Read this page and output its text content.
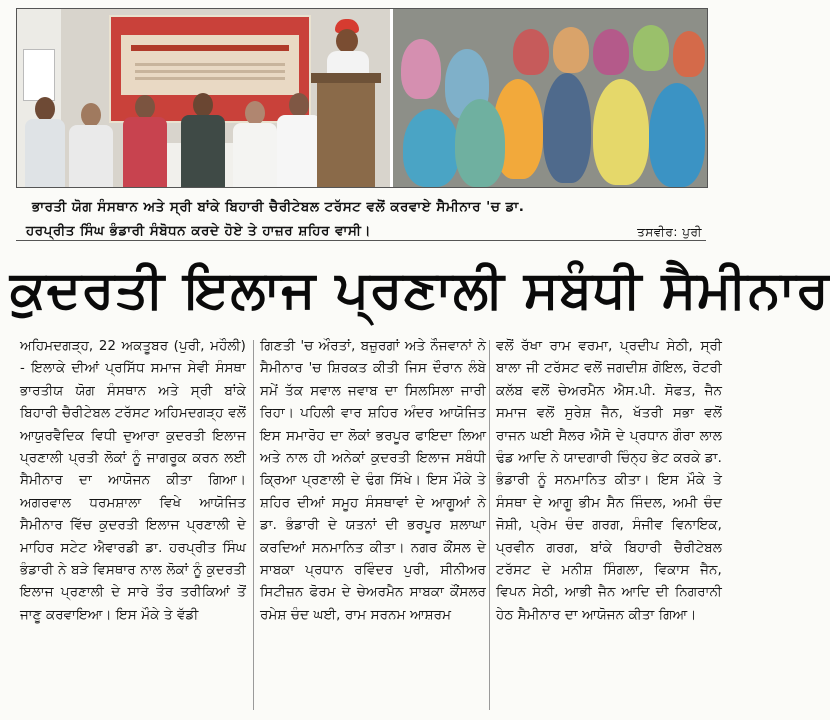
ਭਾਰਤੀ ਯੋਗ ਸੰਸਥਾਨ ਅਤੇ ਸ੍ਰੀ ਬਾਂਕੇ ਬਿਹਾਰੀ ਚੈਰੀਟੇਬਲ ਟਰੱਸਟ ਵਲੋਂ ਕਰਵਾਏ ਸੈਮੀਨਾਰ 'ਚ ਡਾ.
ਹਰਪ੍ਰੀਤ ਸਿੰਘ ਭੰਡਾਰੀ ਸੰਬੋਧਨ ਕਰਦੇ ਹੋਏ ਤੇ ਹਾਜ਼ਰ ਸ਼ਹਿਰ ਵਾਸੀ।	ਤਸਵੀਰ: ਪੁਰੀ
ਕੁਦਰਤੀ ਇਲਾਜ ਪ੍ਰਣਾਲੀ ਸਬੰਧੀ ਸੈਮੀਨਾਰ
ਅਹਿਮਦਗੜ੍ਹ, 22 ਅਕਤੂਬਰ (ਪੁਰੀ, ਮਹੌਲੀ) - ਇਲਾਕੇ ਦੀਆਂ ਪ੍ਰਸਿੱਧ ਸਮਾਜ ਸੇਵੀ ਸੰਸਥਾ ਭਾਰਤੀਯ ਯੋਗ ਸੰਸਥਾਨ ਅਤੇ ਸ੍ਰੀ ਬਾਂਕੇ ਬਿਹਾਰੀ ਚੈਰੀਟੇਬਲ ਟਰੱਸਟ ਅਹਿਮਦਗੜ੍ਹ ਵਲੋਂ ਆਯੁਰਵੈਦਿਕ ਵਿਧੀ ਦੁਆਰਾ ਕੁਦਰਤੀ ਇਲਾਜ ਪ੍ਰਣਾਲੀ ਪ੍ਰਤੀ ਲੋਕਾਂ ਨੂੰ ਜਾਗਰੂਕ ਕਰਨ ਲਈ ਸੈਮੀਨਾਰ ਦਾ ਆਯੋਜਨ ਕੀਤਾ ਗਿਆ। ਅਗਰਵਾਲ ਧਰਮਸ਼ਾਲਾ ਵਿਖੇ ਆਯੋਜਿਤ ਸੈਮੀਨਾਰ ਵਿੱਚ ਕੁਦਰਤੀ ਇਲਾਜ ਪ੍ਰਣਾਲੀ ਦੇ ਮਾਹਿਰ ਸਟੇਟ ਐਵਾਰਡੀ ਡਾ. ਹਰਪ੍ਰੀਤ ਸਿੰਘ ਭੰਡਾਰੀ ਨੇ ਬੜੇ ਵਿਸਥਾਰ ਨਾਲ ਲੋਕਾਂ ਨੂੰ ਕੁਦਰਤੀ ਇਲਾਜ ਪ੍ਰਣਾਲੀ ਦੇ ਸਾਰੇ ਤੌਰ ਤਰੀਕਿਆਂ ਤੋਂ ਜਾਣੂ ਕਰਵਾਇਆ। ਇਸ ਮੌਕੇ ਤੇ ਵੱਡੀ
ਗਿਣਤੀ 'ਚ ਔਰਤਾਂ, ਬਜ਼ੁਰਗਾਂ ਅਤੇ ਨੌਜਵਾਨਾਂ ਨੇ ਸੈਮੀਨਾਰ 'ਚ ਸ਼ਿਰਕਤ ਕੀਤੀ ਜਿਸ ਦੌਰਾਨ ਲੰਬੇ ਸਮੇਂ ਤੱਕ ਸਵਾਲ ਜਵਾਬ ਦਾ ਸਿਲਸਿਲਾ ਜਾਰੀ ਰਿਹਾ। ਪਹਿਲੀ ਵਾਰ ਸ਼ਹਿਰ ਅੰਦਰ ਆਯੋਜਿਤ ਇਸ ਸਮਾਰੋਹ ਦਾ ਲੋਕਾਂ ਭਰਪੂਰ ਫਾਇਦਾ ਲਿਆ ਅਤੇ ਨਾਲ ਹੀ ਅਨੇਕਾਂ ਕੁਦਰਤੀ ਇਲਾਜ ਸਬੰਧੀ ਕ੍ਰਿਆ ਪ੍ਰਣਾਲੀ ਦੇ ਢੰਗ ਸਿੱਖੇ। ਇਸ ਮੌਕੇ ਤੇ ਸ਼ਹਿਰ ਦੀਆਂ ਸਮੂਹ ਸੰਸਥਾਵਾਂ ਦੇ ਆਗੂਆਂ ਨੇ ਡਾ. ਭੰਡਾਰੀ ਦੇ ਯਤਨਾਂ ਦੀ ਭਰਪੂਰ ਸ਼ਲਾਘਾ ਕਰਦਿਆਂ ਸਨਮਾਨਿਤ ਕੀਤਾ। ਨਗਰ ਕੌਂਸਲ ਦੇ ਸਾਬਕਾ ਪ੍ਰਧਾਨ ਰਵਿੰਦਰ ਪੁਰੀ, ਸੀਨੀਅਰ ਸਿਟੀਜ਼ਨ ਫੋਰਮ ਦੇ ਚੇਅਰਮੈਨ ਸਾਬਕਾ ਕੌਂਸਲਰ ਰਮੇਸ਼ ਚੰਦ ਘਈ, ਰਾਮ ਸਰਨਮ ਆਸ਼ਰਮ
ਵਲੋਂ ਰੱਖਾ ਰਾਮ ਵਰਮਾ, ਪ੍ਰਦੀਪ ਸੇਠੀ, ਸ੍ਰੀ ਬਾਲਾ ਜੀ ਟਰੱਸਟ ਵਲੋਂ ਜਗਦੀਸ਼ ਗੋਇਲ, ਰੋਟਰੀ ਕਲੱਬ ਵਲੋਂ ਚੇਅਰਮੈਨ ਐਸ.ਪੀ. ਸੋਫਤ, ਜੈਨ ਸਮਾਜ ਵਲੋਂ ਸੁਰੇਸ਼ ਜੈਨ, ਖੱਤਰੀ ਸਭਾ ਵਲੋਂ ਰਾਜਨ ਘਈ ਸੈਲਰ ਐਸੋ ਦੇ ਪ੍ਰਧਾਨ ਗੌਰਾ ਲਾਲ ਢੰਡ ਆਦਿ ਨੇ ਯਾਦਗਾਰੀ ਚਿੰਨ੍ਹ ਭੇਟ ਕਰਕੇ ਡਾ. ਭੰਡਾਰੀ ਨੂੰ ਸਨਮਾਨਿਤ ਕੀਤਾ। ਇਸ ਮੌਕੇ ਤੇ ਸੰਸਥਾ ਦੇ ਆਗੂ ਭੀਮ ਸੈਨ ਜਿੰਦਲ, ਅਮੀ ਚੰਦ ਜੋਸ਼ੀ, ਪ੍ਰੇਮ ਚੰਦ ਗਰਗ, ਸੰਜੀਵ ਵਿਨਾਇਕ, ਪ੍ਰਵੀਨ ਗਰਗ, ਬਾਂਕੇ ਬਿਹਾਰੀ ਚੈਰੀਟੇਬਲ ਟਰੱਸਟ ਦੇ ਮਨੀਸ਼ ਸਿੰਗਲਾ, ਵਿਕਾਸ ਜੈਨ, ਵਿਪਨ ਸੇਠੀ, ਆਭੀ ਜੈਨ ਆਦਿ ਦੀ ਨਿਗਰਾਨੀ ਹੇਠ ਸੈਮੀਨਾਰ ਦਾ ਆਯੋਜਨ ਕੀਤਾ ਗਿਆ।
